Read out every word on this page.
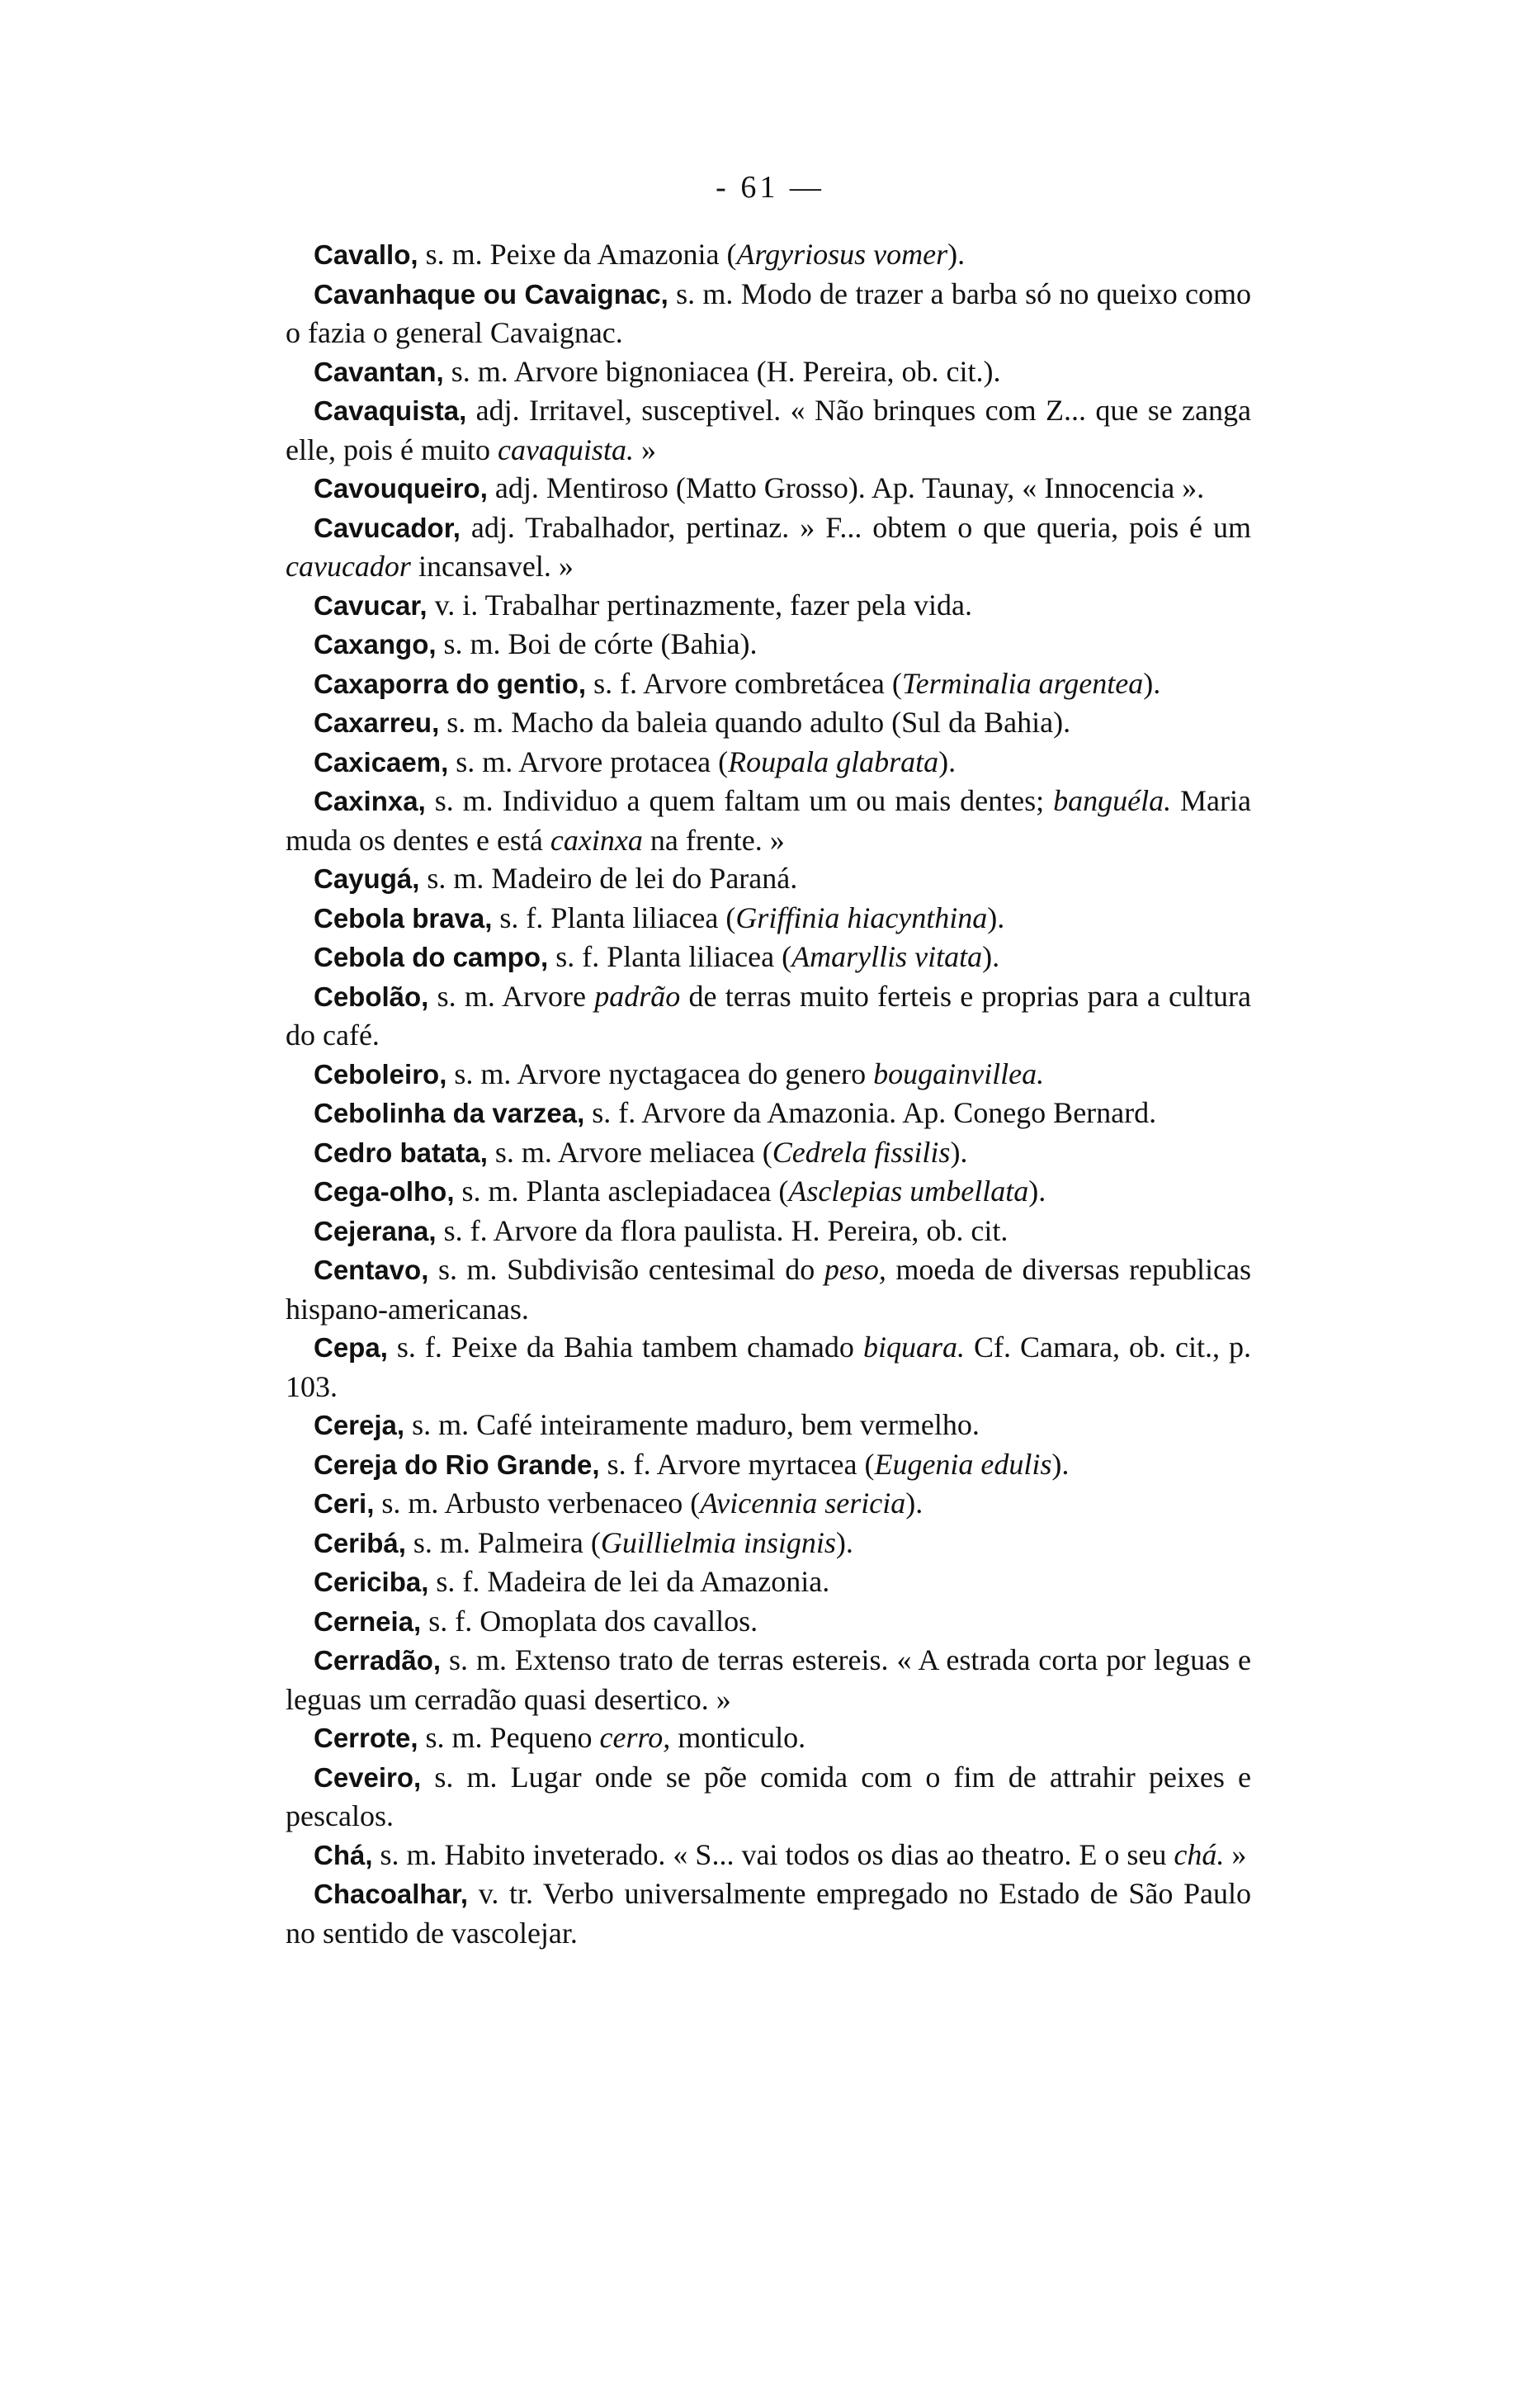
- 61 —

Cavallo, s. m. Peixe da Amazonia (Argyriosus vomer).

Cavanhaque ou Cavaignac, s. m. Modo de trazer a barba só no queixo como o fazia o general Cavaignac.

Cavantan, s. m. Arvore bignoniacea (H. Pereira, ob. cit.).

Cavaquista, adj. Irritavel, susceptivel. « Não brinques com Z... que se zanga elle, pois é muito cavaquista. »

Cavouqueiro, adj. Mentiroso (Matto Grosso). Ap. Taunay, « Innocencia ».

Cavucador, adj. Trabalhador, pertinaz. » F... obtem o que queria, pois é um cavucador incansavel. »

Cavucar, v. i. Trabalhar pertinazmente, fazer pela vida.

Caxango, s. m. Boi de córte (Bahia).

Caxaporra do gentio, s. f. Arvore combretácea (Terminalia argentea).

Caxarreu, s. m. Macho da baleia quando adulto (Sul da Bahia).

Caxicaem, s. m. Arvore protacea (Roupala glabrata).

Caxinxa, s. m. Individuo a quem faltam um ou mais dentes; banguéla. Maria muda os dentes e está caxinxa na frente. »

Cayugá, s. m. Madeiro de lei do Paraná.

Cebola brava, s. f. Planta liliacea (Griffinia hiacynthina).

Cebola do campo, s. f. Planta liliacea (Amaryllis vitata).

Cebolão, s. m. Arvore padrão de terras muito ferteis e proprias para a cultura do café.

Ceboleiro, s. m. Arvore nyctagacea do genero bougainvillea.

Cebolinha da varzea, s. f. Arvore da Amazonia. Ap. Conego Bernard.

Cedro batata, s. m. Arvore meliacea (Cedrela fissilis).

Cega-olho, s. m. Planta asclepiadacea (Asclepias umbellata).

Cejerana, s. f. Arvore da flora paulista. H. Pereira, ob. cit.

Centavo, s. m. Subdivisão centesimal do peso, moeda de diversas republicas hispano-americanas.

Cepa, s. f. Peixe da Bahia tambem chamado biquara. Cf. Camara, ob. cit., p. 103.

Cereja, s. m. Café inteiramente maduro, bem vermelho.

Cereja do Rio Grande, s. f. Arvore myrtacea (Eugenia edulis).

Ceri, s. m. Arbusto verbenaceo (Avicennia sericia).

Ceribá, s. m. Palmeira (Guillielmia insignis).

Cericiba, s. f. Madeira de lei da Amazonia.

Cerneia, s. f. Omoplata dos cavallos.

Cerradão, s. m. Extenso trato de terras estereis. « A estrada corta por leguas e leguas um cerradão quasi desertico. »

Cerrote, s. m. Pequeno cerro, monticulo.

Ceveiro, s. m. Lugar onde se põe comida com o fim de attrahir peixes e pescalos.

Chá, s. m. Habito inveterado. « S... vai todos os dias ao theatro. E o seu chá. »

Chacoalhar, v. tr. Verbo universalmente empregado no Estado de São Paulo no sentido de vascolejar.
